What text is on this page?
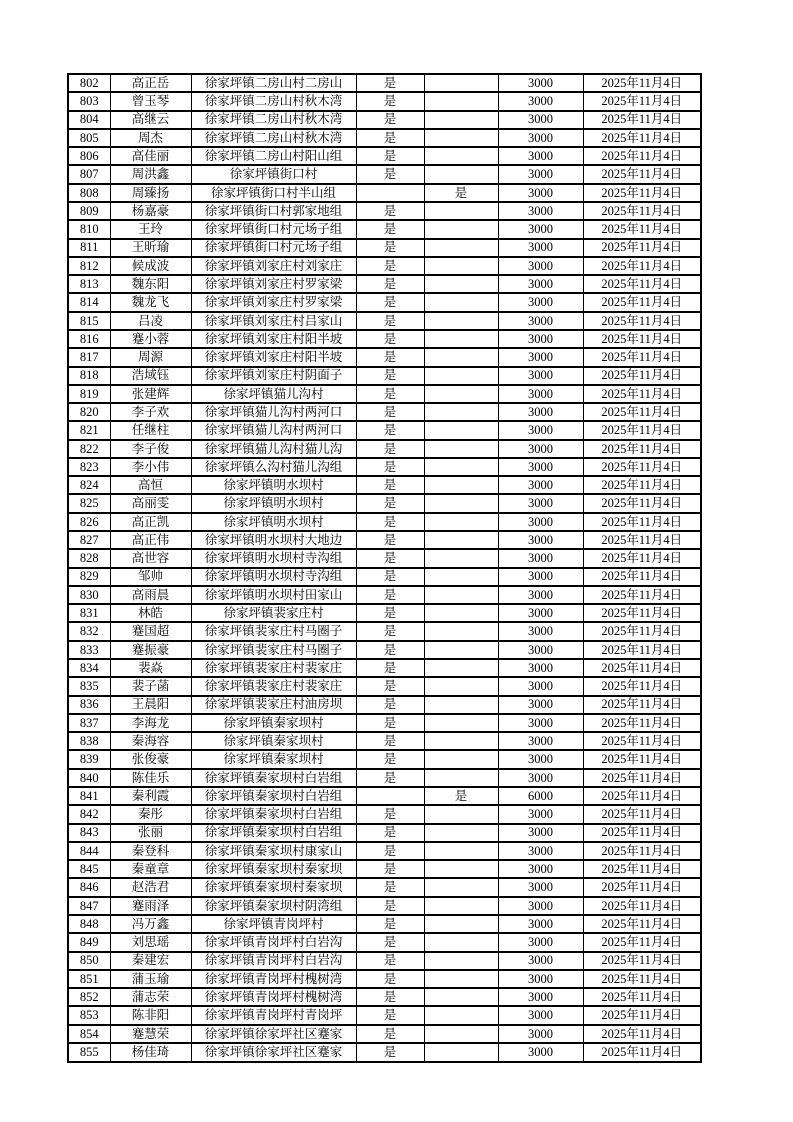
802	高正岳	徐家坪镇二房山村二房山	是		3000	2025年11月4日
803	曾玉琴	徐家坪镇二房山村秋木湾	是		3000	2025年11月4日
804	高继云	徐家坪镇二房山村秋木湾	是		3000	2025年11月4日
805	周杰	徐家坪镇二房山村秋木湾	是		3000	2025年11月4日
806	高佳丽	徐家坪镇二房山村阳山组	是		3000	2025年11月4日
807	周洪鑫	徐家坪镇街口村	是		3000	2025年11月4日
808	周臻扬	徐家坪镇街口村半山组		是	3000	2025年11月4日
809	杨嘉豪	徐家坪镇街口村郭家地组	是		3000	2025年11月4日
810	王玲	徐家坪镇街口村元场子组	是		3000	2025年11月4日
811	王昕瑜	徐家坪镇街口村元场子组	是		3000	2025年11月4日
812	候成波	徐家坪镇刘家庄村刘家庄	是		3000	2025年11月4日
813	魏东阳	徐家坪镇刘家庄村罗家梁	是		3000	2025年11月4日
814	魏龙飞	徐家坪镇刘家庄村罗家梁	是		3000	2025年11月4日
815	吕凌	徐家坪镇刘家庄村吕家山	是		3000	2025年11月4日
816	蹇小蓉	徐家坪镇刘家庄村阳半坡	是		3000	2025年11月4日
817	周源	徐家坪镇刘家庄村阳半坡	是		3000	2025年11月4日
818	浩域钰	徐家坪镇刘家庄村阴面子	是		3000	2025年11月4日
819	张建辉	徐家坪镇猫儿沟村	是		3000	2025年11月4日
820	李子欢	徐家坪镇猫儿沟村两河口	是		3000	2025年11月4日
821	任继柱	徐家坪镇猫儿沟村两河口	是		3000	2025年11月4日
822	李子俊	徐家坪镇猫儿沟村猫儿沟	是		3000	2025年11月4日
823	李小伟	徐家坪镇么沟村猫儿沟组	是		3000	2025年11月4日
824	高恒	徐家坪镇明水坝村	是		3000	2025年11月4日
825	高丽雯	徐家坪镇明水坝村	是		3000	2025年11月4日
826	高正凯	徐家坪镇明水坝村	是		3000	2025年11月4日
827	高正伟	徐家坪镇明水坝村大地边	是		3000	2025年11月4日
828	高世容	徐家坪镇明水坝村寺沟组	是		3000	2025年11月4日
829	邹帅	徐家坪镇明水坝村寺沟组	是		3000	2025年11月4日
830	高雨晨	徐家坪镇明水坝村田家山	是		3000	2025年11月4日
831	林皓	徐家坪镇裴家庄村	是		3000	2025年11月4日
832	蹇国超	徐家坪镇裴家庄村马圈子	是		3000	2025年11月4日
833	蹇振豪	徐家坪镇裴家庄村马圈子	是		3000	2025年11月4日
834	裴焱	徐家坪镇裴家庄村裴家庄	是		3000	2025年11月4日
835	裴子菡	徐家坪镇裴家庄村裴家庄	是		3000	2025年11月4日
836	王晨阳	徐家坪镇裴家庄村油房坝	是		3000	2025年11月4日
837	李海龙	徐家坪镇秦家坝村	是		3000	2025年11月4日
838	秦海容	徐家坪镇秦家坝村	是		3000	2025年11月4日
839	张俊豪	徐家坪镇秦家坝村	是		3000	2025年11月4日
840	陈佳乐	徐家坪镇秦家坝村白岩组	是		3000	2025年11月4日
841	秦利霞	徐家坪镇秦家坝村白岩组		是	6000	2025年11月4日
842	秦彤	徐家坪镇秦家坝村白岩组	是		3000	2025年11月4日
843	张丽	徐家坪镇秦家坝村白岩组	是		3000	2025年11月4日
844	秦登科	徐家坪镇秦家坝村康家山	是		3000	2025年11月4日
845	秦童章	徐家坪镇秦家坝村秦家坝	是		3000	2025年11月4日
846	赵浩君	徐家坪镇秦家坝村秦家坝	是		3000	2025年11月4日
847	蹇雨泽	徐家坪镇秦家坝村阴湾组	是		3000	2025年11月4日
848	冯万鑫	徐家坪镇青岗坪村	是		3000	2025年11月4日
849	刘思瑶	徐家坪镇青岗坪村白岩沟	是		3000	2025年11月4日
850	秦建宏	徐家坪镇青岗坪村白岩沟	是		3000	2025年11月4日
851	蒲玉瑜	徐家坪镇青岗坪村槐树湾	是		3000	2025年11月4日
852	蒲志荣	徐家坪镇青岗坪村槐树湾	是		3000	2025年11月4日
853	陈非阳	徐家坪镇青岗坪村青岗坪	是		3000	2025年11月4日
854	蹇慧荣	徐家坪镇徐家坪社区蹇家	是		3000	2025年11月4日
855	杨佳琦	徐家坪镇徐家坪社区蹇家	是		3000	2025年11月4日
